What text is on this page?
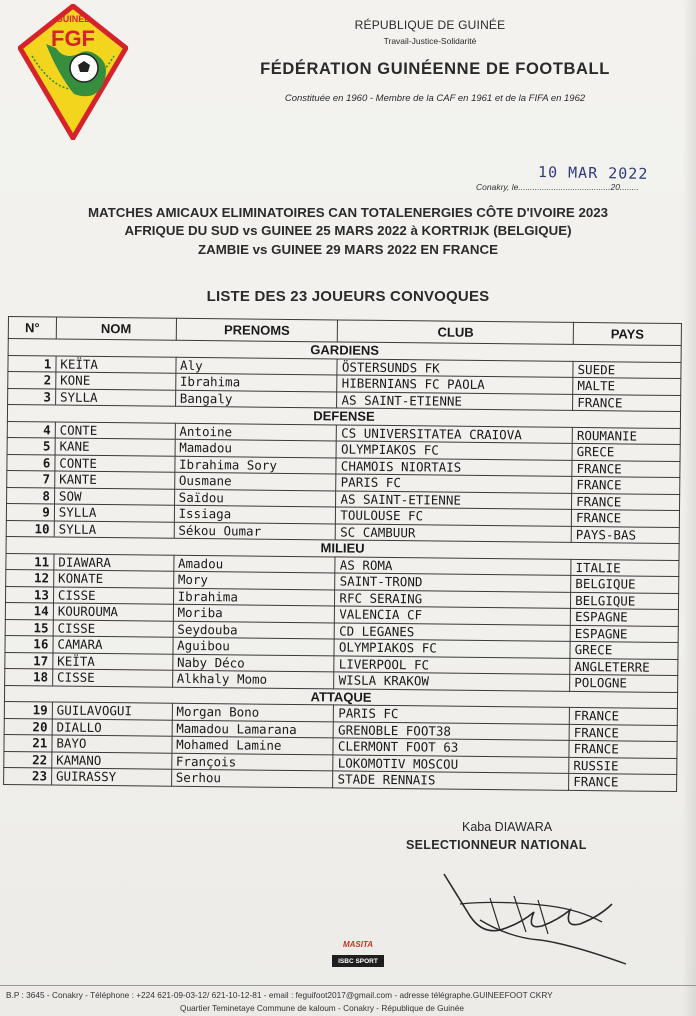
GUINEE
FGF
RÉPUBLIQUE DE GUINÉE
Travail-Justice-Solidarité
FÉDÉRATION GUINÉENNE DE FOOTBALL
Constituée en 1960 - Membre de la CAF en 1961 et de la FIFA en 1962
10 MAR 2022
Conakry, le.......................................20........
MATCHES AMICAUX ELIMINATOIRES CAN TOTALENERGIES CÔTE D'IVOIRE 2023
AFRIQUE DU SUD vs GUINEE 25 MARS 2022 à KORTRIJK (BELGIQUE)
ZAMBIE vs GUINEE 29 MARS 2022 EN FRANCE
LISTE DES 23 JOUEURS CONVOQUES
N°	NOM	PRENOMS	CLUB	PAYS
GARDIENS				
1	KEÏTA	Aly	ÖSTERSUNDS FK	SUEDE
2	KONE	Ibrahima	HIBERNIANS FC PAOLA	MALTE
3	SYLLA	Bangaly	AS SAINT-ETIENNE	FRANCE
DEFENSE				
4	CONTE	Antoine	CS UNIVERSITATEA CRAIOVA	ROUMANIE
5	KANE	Mamadou	OLYMPIAKOS FC	GRECE
6	CONTE	Ibrahima Sory	CHAMOIS NIORTAIS	FRANCE
7	KANTE	Ousmane	PARIS FC	FRANCE
8	SOW	Saïdou	AS SAINT-ETIENNE	FRANCE
9	SYLLA	Issiaga	TOULOUSE FC	FRANCE
10	SYLLA	Sékou Oumar	SC CAMBUUR	PAYS-BAS
MILIEU				
11	DIAWARA	Amadou	AS ROMA	ITALIE
12	KONATE	Mory	SAINT-TROND	BELGIQUE
13	CISSE	Ibrahima	RFC SERAING	BELGIQUE
14	KOUROUMA	Moriba	VALENCIA CF	ESPAGNE
15	CISSE	Seydouba	CD LEGANES	ESPAGNE
16	CAMARA	Aguibou	OLYMPIAKOS FC	GRECE
17	KEÏTA	Naby Déco	LIVERPOOL FC	ANGLETERRE
18	CISSE	Alkhaly Momo	WISLA KRAKOW	POLOGNE
ATTAQUE				
19	GUILAVOGUI	Morgan Bono	PARIS FC	FRANCE
20	DIALLO	Mamadou Lamarana	GRENOBLE FOOT38	FRANCE
21	BAYO	Mohamed Lamine	CLERMONT FOOT 63	FRANCE
22	KAMANO	François	LOKOMOTIV MOSCOU	RUSSIE
23	GUIRASSY	Serhou	STADE RENNAIS	FRANCE
Kaba DIAWARA
SELECTIONNEUR NATIONAL
MASITA
ISBC SPORT
B.P : 3645 - Conakry - Téléphone : +224 621-09-03-12/ 621-10-12-81 - email : feguifoot2017@gmail.com - adresse télégraphe.GUINEEFOOT CKRY
Quartier Teminetaye Commune de kaloum - Conakry - République de Guinée
